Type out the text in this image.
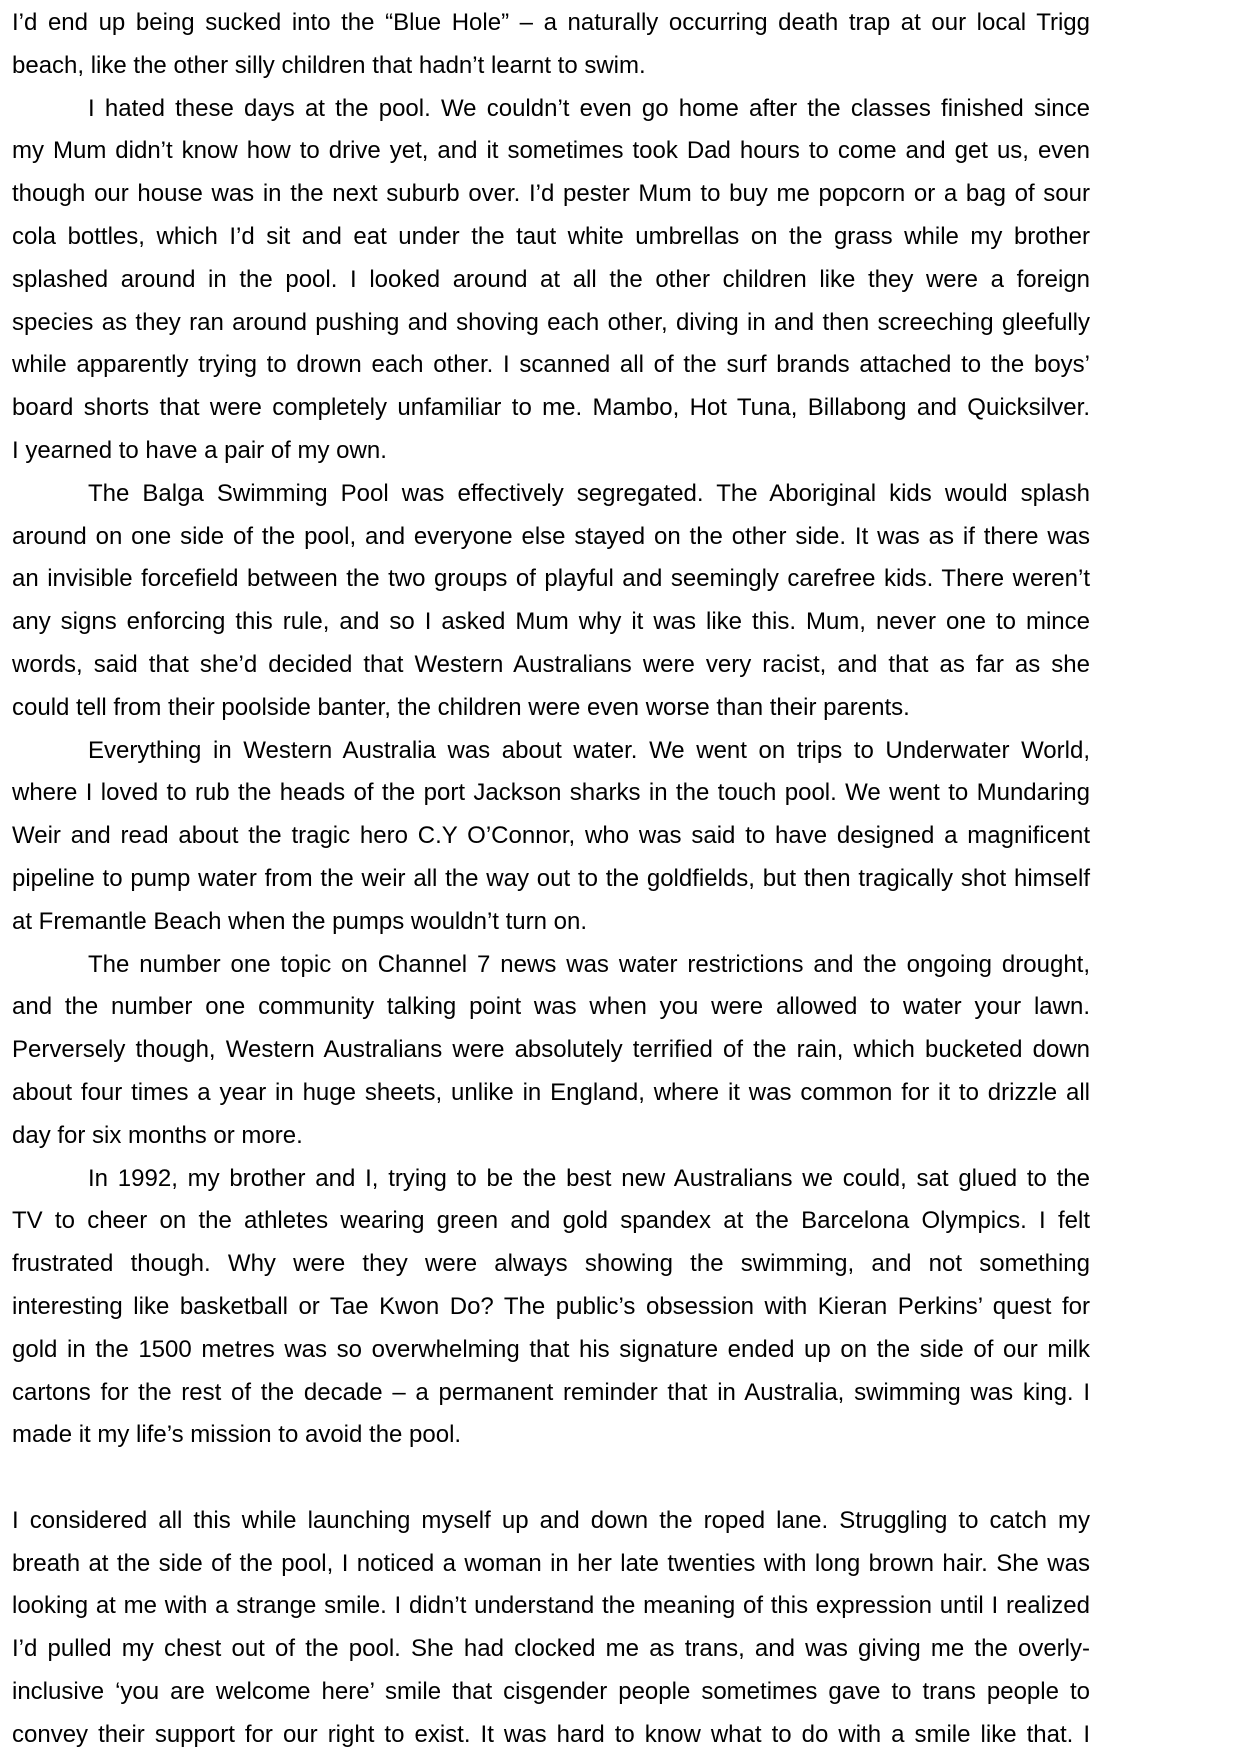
I’d end up being sucked into the “Blue Hole” – a naturally occurring death trap at our local Trigg
beach, like the other silly children that hadn’t learnt to swim.
I hated these days at the pool. We couldn’t even go home after the classes finished since
my Mum didn’t know how to drive yet, and it sometimes took Dad hours to come and get us, even
though our house was in the next suburb over. I’d pester Mum to buy me popcorn or a bag of sour
cola bottles, which I’d sit and eat under the taut white umbrellas on the grass while my brother
splashed around in the pool. I looked around at all the other children like they were a foreign
species as they ran around pushing and shoving each other, diving in and then screeching gleefully
while apparently trying to drown each other. I scanned all of the surf brands attached to the boys’
board shorts that were completely unfamiliar to me. Mambo, Hot Tuna, Billabong and Quicksilver.
I yearned to have a pair of my own.
The Balga Swimming Pool was effectively segregated. The Aboriginal kids would splash
around on one side of the pool, and everyone else stayed on the other side. It was as if there was
an invisible forcefield between the two groups of playful and seemingly carefree kids. There weren’t
any signs enforcing this rule, and so I asked Mum why it was like this. Mum, never one to mince
words, said that she’d decided that Western Australians were very racist, and that as far as she
could tell from their poolside banter, the children were even worse than their parents.
Everything in Western Australia was about water. We went on trips to Underwater World,
where I loved to rub the heads of the port Jackson sharks in the touch pool. We went to Mundaring
Weir and read about the tragic hero C.Y O’Connor, who was said to have designed a magnificent
pipeline to pump water from the weir all the way out to the goldfields, but then tragically shot himself
at Fremantle Beach when the pumps wouldn’t turn on.
The number one topic on Channel 7 news was water restrictions and the ongoing drought,
and the number one community talking point was when you were allowed to water your lawn.
Perversely though, Western Australians were absolutely terrified of the rain, which bucketed down
about four times a year in huge sheets, unlike in England, where it was common for it to drizzle all
day for six months or more.
In 1992, my brother and I, trying to be the best new Australians we could, sat glued to the
TV to cheer on the athletes wearing green and gold spandex at the Barcelona Olympics. I felt
frustrated though. Why were they were always showing the swimming, and not something
interesting like basketball or Tae Kwon Do? The public’s obsession with Kieran Perkins’ quest for
gold in the 1500 metres was so overwhelming that his signature ended up on the side of our milk
cartons for the rest of the decade – a permanent reminder that in Australia, swimming was king. I
made it my life’s mission to avoid the pool.
I considered all this while launching myself up and down the roped lane. Struggling to catch my
breath at the side of the pool, I noticed a woman in her late twenties with long brown hair. She was
looking at me with a strange smile. I didn’t understand the meaning of this expression until I realized
I’d pulled my chest out of the pool. She had clocked me as trans, and was giving me the overly-
inclusive ‘you are welcome here’ smile that cisgender people sometimes gave to trans people to
convey their support for our right to exist. It was hard to know what to do with a smile like that. I
